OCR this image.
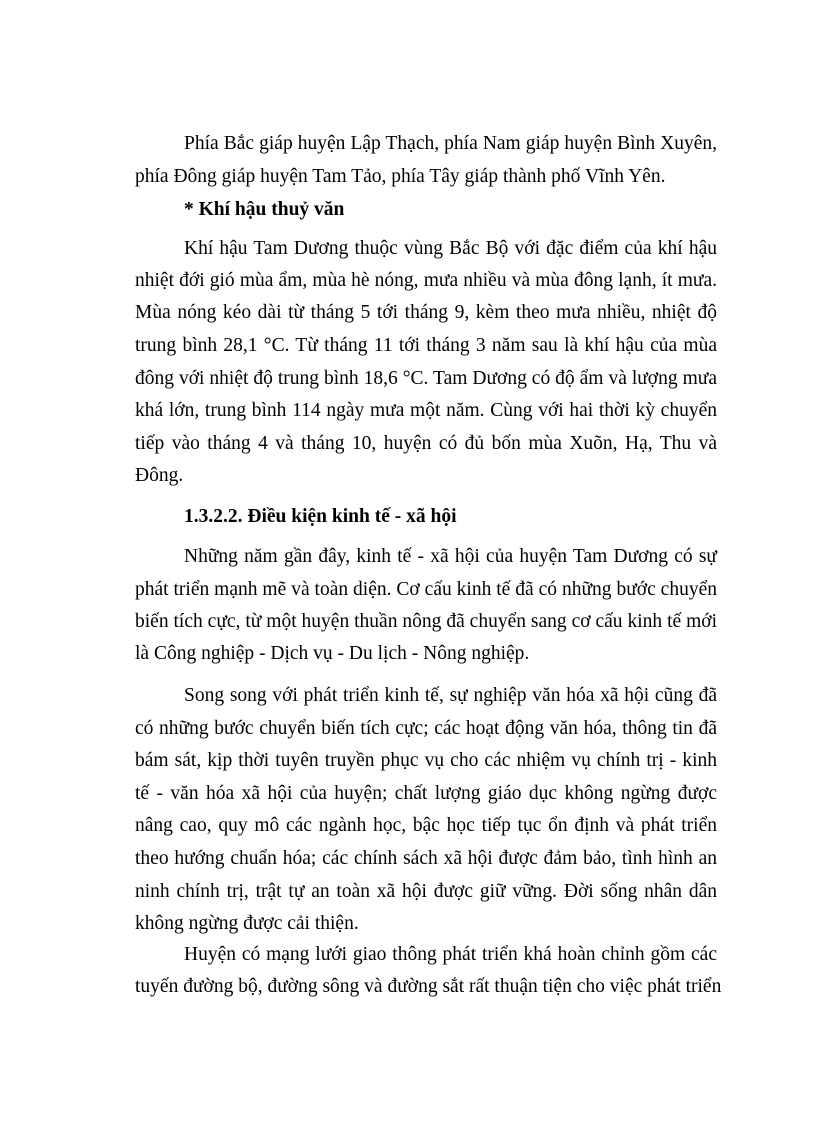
Phía Bắc giáp huyện Lập Thạch, phía Nam giáp huyện Bình Xuyên,
phía Đông giáp huyện Tam Tảo, phía Tây giáp thành phố Vĩnh Yên.
* Khí hậu thuỷ văn
Khí hậu Tam Dương thuộc vùng Bắc Bộ với đặc điểm của khí hậu
nhiệt đới gió mùa ẩm, mùa hè nóng, mưa nhiều và mùa đông lạnh, ít mưa.
Mùa nóng kéo dài từ tháng 5 tới tháng 9, kèm theo mưa nhiều, nhiệt độ
trung bình 28,1 °C. Từ tháng 11 tới tháng 3 năm sau là khí hậu của mùa
đông với nhiệt độ trung bình 18,6 °C. Tam Dương có độ ẩm và lượng mưa
khá lớn, trung bình 114 ngày mưa một năm. Cùng với hai thời kỳ chuyển
tiếp vào tháng 4 và tháng 10, huyện có đủ bốn mùa Xuõn, Hạ, Thu và
Đông.
1.3.2.2. Điều kiện kinh tế - xã hội
Những năm gần đây, kinh tế - xã hội của huyện Tam Dương có sự
phát triển mạnh mẽ và toàn diện. Cơ cấu kinh tế đã có những bước chuyển
biến tích cực, từ một huyện thuần nông đã chuyển sang cơ cấu kinh tế mới
là Công nghiệp - Dịch vụ - Du lịch - Nông nghiệp.
Song song với phát triển kinh tế, sự nghiệp văn hóa xã hội cũng đã
có những bước chuyển biến tích cực; các hoạt động văn hóa, thông tin đã
bám sát, kịp thời tuyên truyền phục vụ cho các nhiệm vụ chính trị - kinh
tế - văn hóa xã hội của huyện; chất lượng giáo dục không ngừng được
nâng cao, quy mô các ngành học, bậc học tiếp tục ổn định và phát triển
theo hướng chuẩn hóa; các chính sách xã hội được đảm bảo, tình hình an
ninh chính trị, trật tự an toàn xã hội được giữ vững. Đời sống nhân dân
không ngừng được cải thiện.
Huyện có mạng lưới giao thông phát triển khá hoàn chỉnh gồm các
tuyến đường bộ, đường sông và đường sắt rất thuận tiện cho việc phát triển
